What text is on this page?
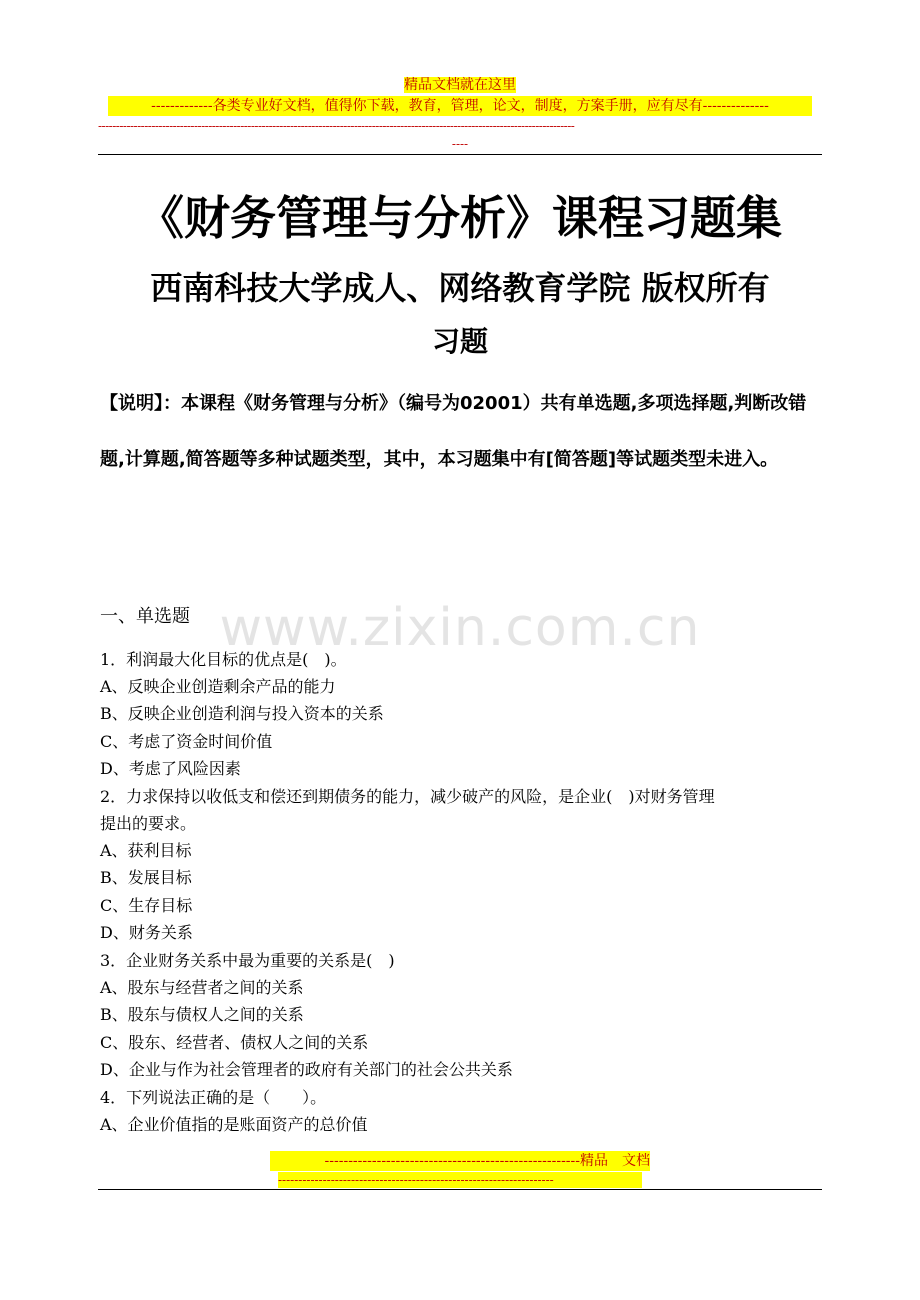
精品文档就在这里
-------------各类专业好文档，值得你下载，教育，管理，论文，制度，方案手册，应有尽有--------------
--------------------------------------------------------------------------------------------------------------------------------------
----
《财务管理与分析》课程习题集
西南科技大学成人、网络教育学院 版权所有
习题
【说明】：本课程《财务管理与分析》（编号为02001）共有单选题,多项选择题,判断改错题,计算题,简答题等多种试题类型，其中，本习题集中有[简答题]等试题类型未进入。
www.zixin.com.cn
一、单选题
1．利润最大化目标的优点是(　)。
A、反映企业创造剩余产品的能力
B、反映企业创造利润与投入资本的关系
C、考虑了资金时间价值
D、考虑了风险因素
2．力求保持以收低支和偿还到期债务的能力，减少破产的风险，是企业(　)对财务管理
提出的要求。
A、获利目标
B、发展目标
C、生存目标
D、财务关系
3．企业财务关系中最为重要的关系是(　)
A、股东与经营者之间的关系
B、股东与债权人之间的关系
C、股东、经营者、债权人之间的关系
D、企业与作为社会管理者的政府有关部门的社会公共关系
4．下列说法正确的是（　　）。
A、企业价值指的是账面资产的总价值
------------------------------------------------------精品　文档
--------------------------------------------------------------------
